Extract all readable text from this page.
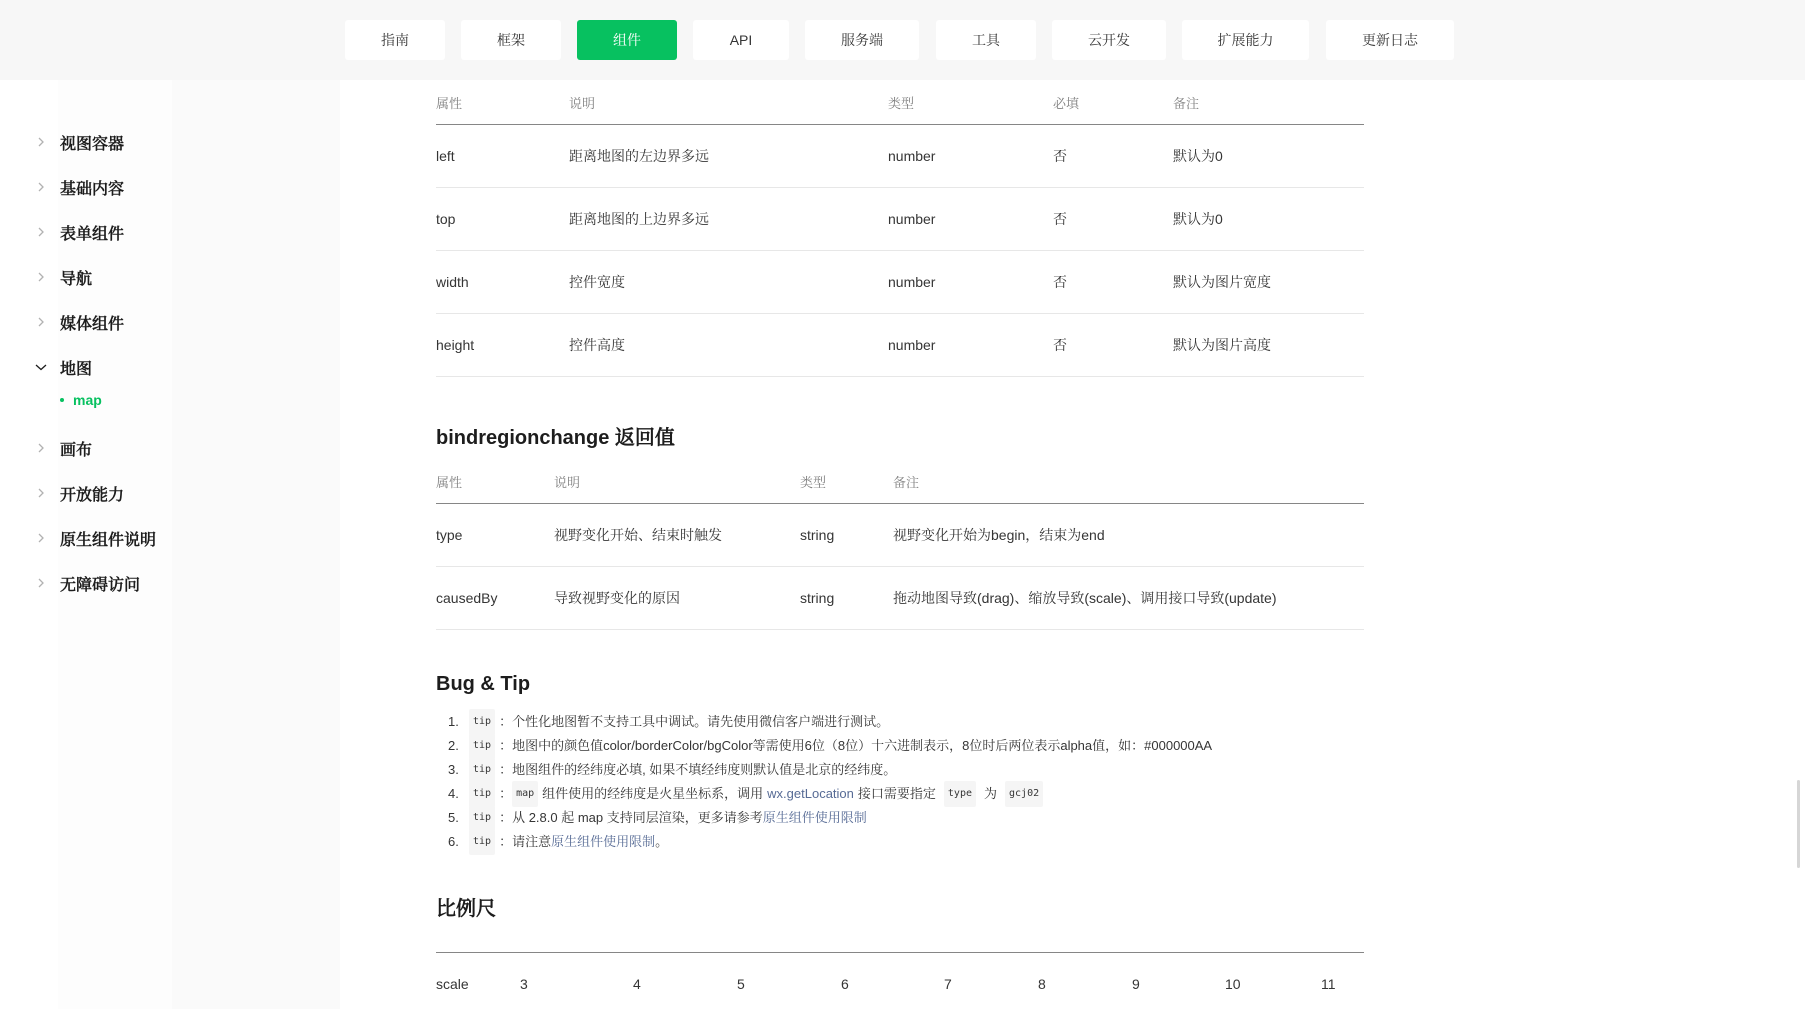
指南	框架	组件	API	服务端	工具	云开发	扩展能力	更新日志
视图容器
基础内容
表单组件
导航
媒体组件
地图
map
画布
开放能力
原生组件说明
无障碍访问
属性	说明	类型	必填	备注
left	距离地图的左边界多远	number	否	默认为0
top	距离地图的上边界多远	number	否	默认为0
width	控件宽度	number	否	默认为图片宽度
height	控件高度	number	否	默认为图片高度
bindregionchange 返回值
属性	说明	类型	备注
type	视野变化开始、结束时触发	string	视野变化开始为begin，结束为end
causedBy	导致视野变化的原因	string	拖动地图导致(drag)、缩放导致(scale)、调用接口导致(update)
Bug & Tip
1.	tip ： 个性化地图暂不支持工具中调试。请先使用微信客户端进行测试。
2.	tip ： 地图中的颜色值color/borderColor/bgColor等需使用6位（8位）十六进制表示，8位时后两位表示alpha值，如：#000000AA
3.	tip ： 地图组件的经纬度必填, 如果不填经纬度则默认值是北京的经纬度。
4.	tip ： map 组件使用的经纬度是火星坐标系，调用 wx.getLocation 接口需要指定	type 为	gcj02
5.	tip ： 从 2.8.0 起 map 支持同层渲染，更多请参考 原生组件使用限制
6.	tip ： 请注意 原生组件使用限制 。
比例尺
scale	3	4	5	6	7	8	9	10	11
